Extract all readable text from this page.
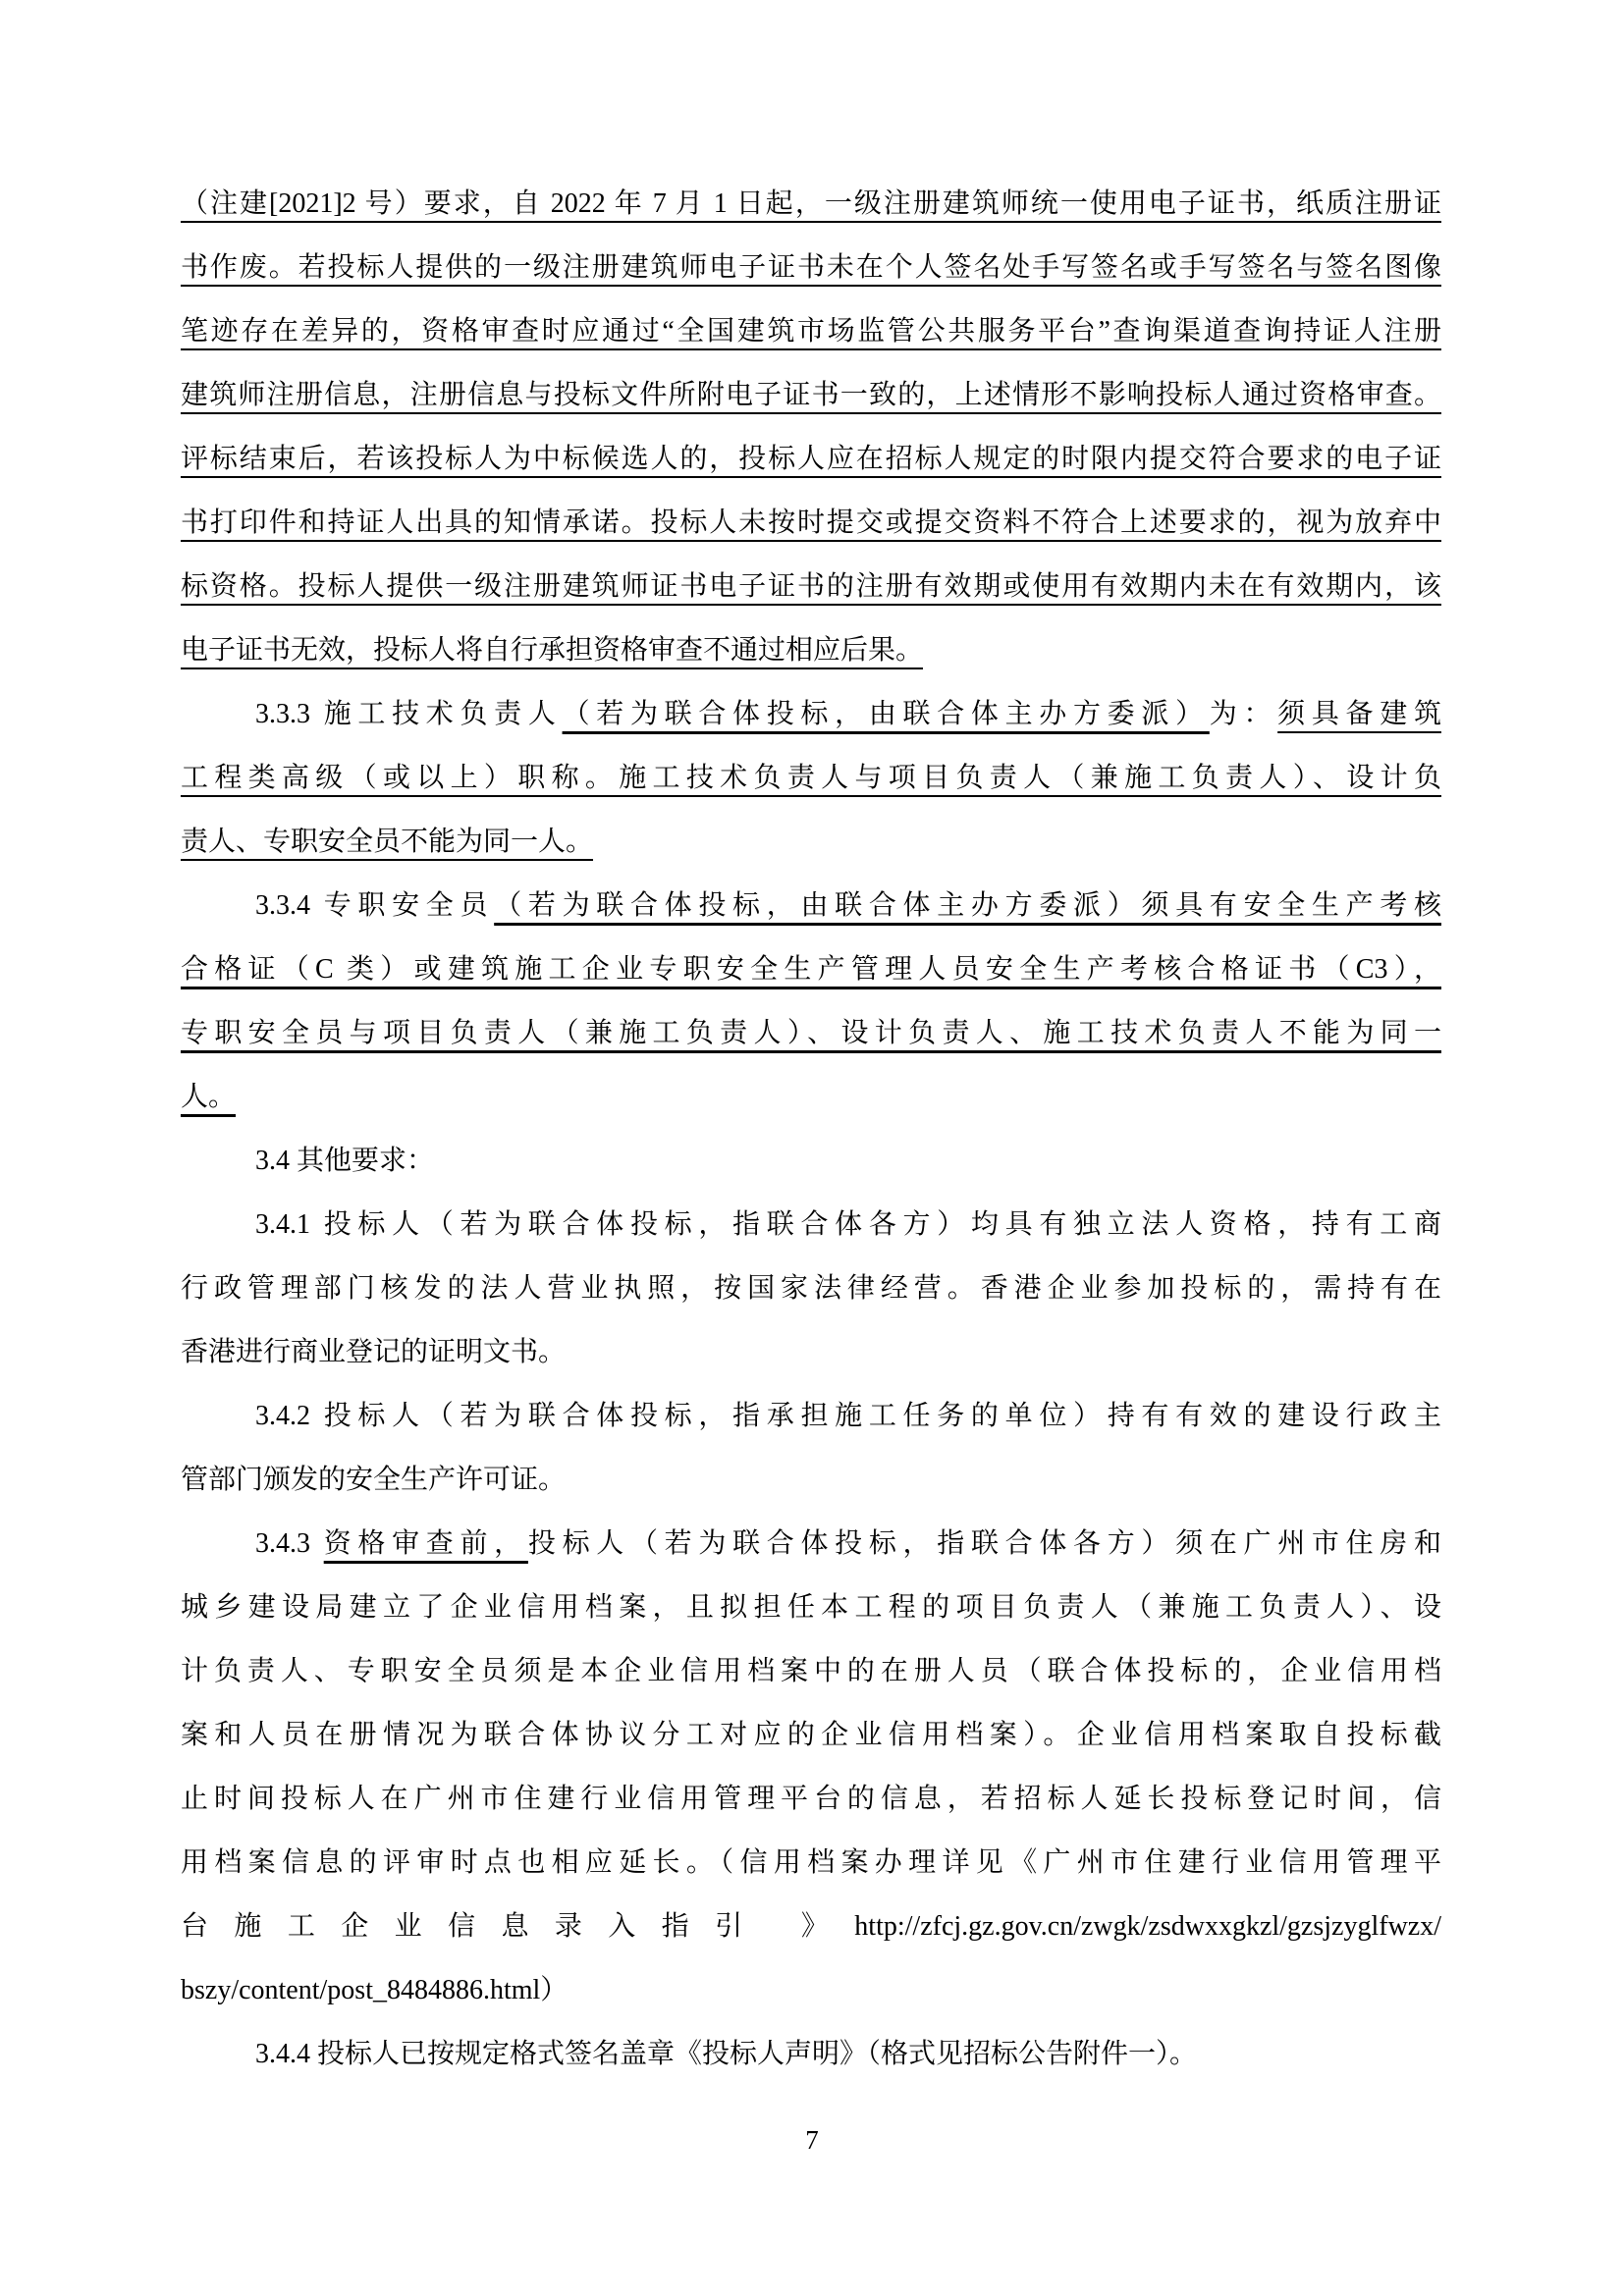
（注建[2021]2 号）要求，自 2022 年 7 月 1 日起，一级注册建筑师统一使用电子证书，纸质注册证
书作废。若投标人提供的一级注册建筑师电子证书未在个人签名处手写签名或手写签名与签名图像
笔迹存在差异的，资格审查时应通过“全国建筑市场监管公共服务平台”查询渠道查询持证人注册
建筑师注册信息，注册信息与投标文件所附电子证书一致的，上述情形不影响投标人通过资格审查。
评标结束后，若该投标人为中标候选人的，投标人应在招标人规定的时限内提交符合要求的电子证
书打印件和持证人出具的知情承诺。投标人未按时提交或提交资料不符合上述要求的，视为放弃中
标资格。投标人提供一级注册建筑师证书电子证书的注册有效期或使用有效期内未在有效期内，该
电子证书无效，投标人将自行承担资格审查不通过相应后果。
3.3.3 施工技术负责人（若为联合体投标，由联合体主办方委派）为：须具备建筑
工程类高级（或以上）职称。施工技术负责人与项目负责人（兼施工负责人）、设计负
责人、专职安全员不能为同一人。
3.3.4 专职安全员（若为联合体投标，由联合体主办方委派）须具有安全生产考核
合格证（C 类）或建筑施工企业专职安全生产管理人员安全生产考核合格证书（C3），
专职安全员与项目负责人（兼施工负责人）、设计负责人、施工技术负责人不能为同一
人。
3.4 其他要求：
3.4.1 投标人（若为联合体投标，指联合体各方）均具有独立法人资格，持有工商
行政管理部门核发的法人营业执照，按国家法律经营。香港企业参加投标的，需持有在
香港进行商业登记的证明文书。
3.4.2 投标人（若为联合体投标，指承担施工任务的单位）持有有效的建设行政主
管部门颁发的安全生产许可证。
3.4.3 资格审查前，投标人（若为联合体投标，指联合体各方）须在广州市住房和
城乡建设局建立了企业信用档案，且拟担任本工程的项目负责人（兼施工负责人）、设
计负责人、专职安全员须是本企业信用档案中的在册人员（联合体投标的，企业信用档
案和人员在册情况为联合体协议分工对应的企业信用档案）。企业信用档案取自投标截
止时间投标人在广州市住建行业信用管理平台的信息，若招标人延长投标登记时间，信
用档案信息的评审时点也相应延长。（信用档案办理详见《广州市住建行业信用管理平
台施工企业信息录入指引 》http://zfcj.gz.gov.cn/zwgk/zsdwxxgkzl/gzsjzyglfwzx/
bszy/content/post_8484886.html）
3.4.4 投标人已按规定格式签名盖章《投标人声明》（格式见招标公告附件一）。
7
